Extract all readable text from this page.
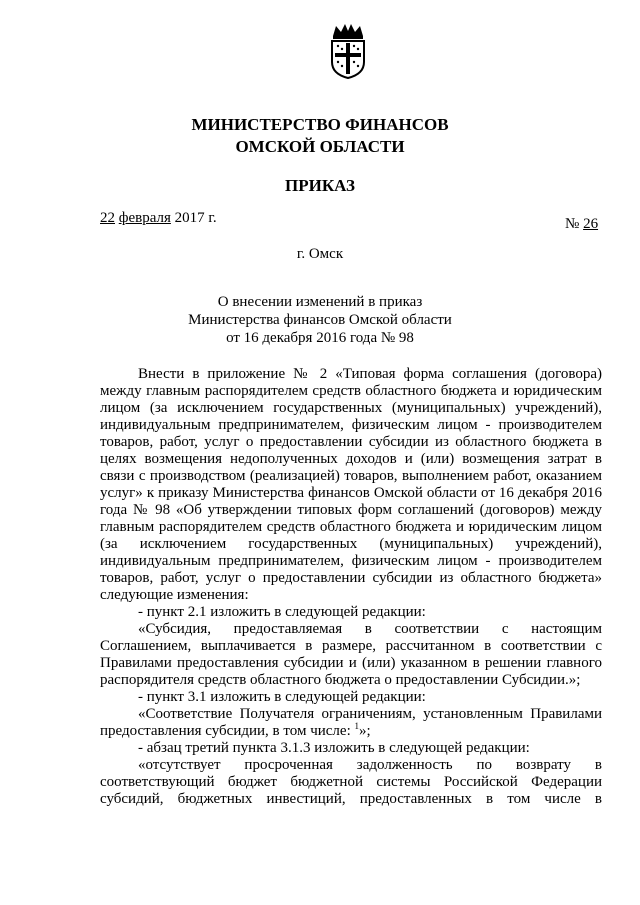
МИНИСТЕРСТВО ФИНАНСОВ
ОМСКОЙ ОБЛАСТИ
ПРИКАЗ
22 февраля 2017 г.	№ 26
г. Омск
О внесении изменений в приказ
Министерства финансов Омской области
от 16 декабря 2016 года № 98

Внести в приложение № 2 «Типовая форма соглашения (договора) между главным распорядителем средств областного бюджета и юридическим лицом (за исключением государственных (муниципальных) учреждений), индивидуальным предпринимателем, физическим лицом - производителем товаров, работ, услуг о предоставлении субсидии из областного бюджета в целях возмещения недополученных доходов и (или) возмещения затрат в связи с производством (реализацией) товаров, выполнением работ, оказанием услуг» к приказу Министерства финансов Омской области от 16 декабря 2016 года № 98 «Об утверждении типовых форм соглашений (договоров) между главным распорядителем средств областного бюджета и юридическим лицом (за исключением государственных (муниципальных) учреждений), индивидуальным предпринимателем, физическим лицом - производителем товаров, работ, услуг о предоставлении субсидии из областного бюджета» следующие изменения:

- пункт 2.1 изложить в следующей редакции:

«Субсидия, предоставляемая в соответствии с настоящим Соглашением, выплачивается в размере, рассчитанном в соответствии с Правилами предоставления субсидии и (или) указанном в решении главного распорядителя средств областного бюджета о предоставлении Субсидии.»;

- пункт 3.1 изложить в следующей редакции:

«Соответствие Получателя ограничениям, установленным Правилами предоставления субсидии, в том числе: $^1$»;

- абзац третий пункта 3.1.3 изложить в следующей редакции:

«отсутствует просроченная задолженность по возврату в соответствующий бюджет бюджетной системы Российской Федерации субсидий, бюджетных инвестиций, предоставленных в том числе в
